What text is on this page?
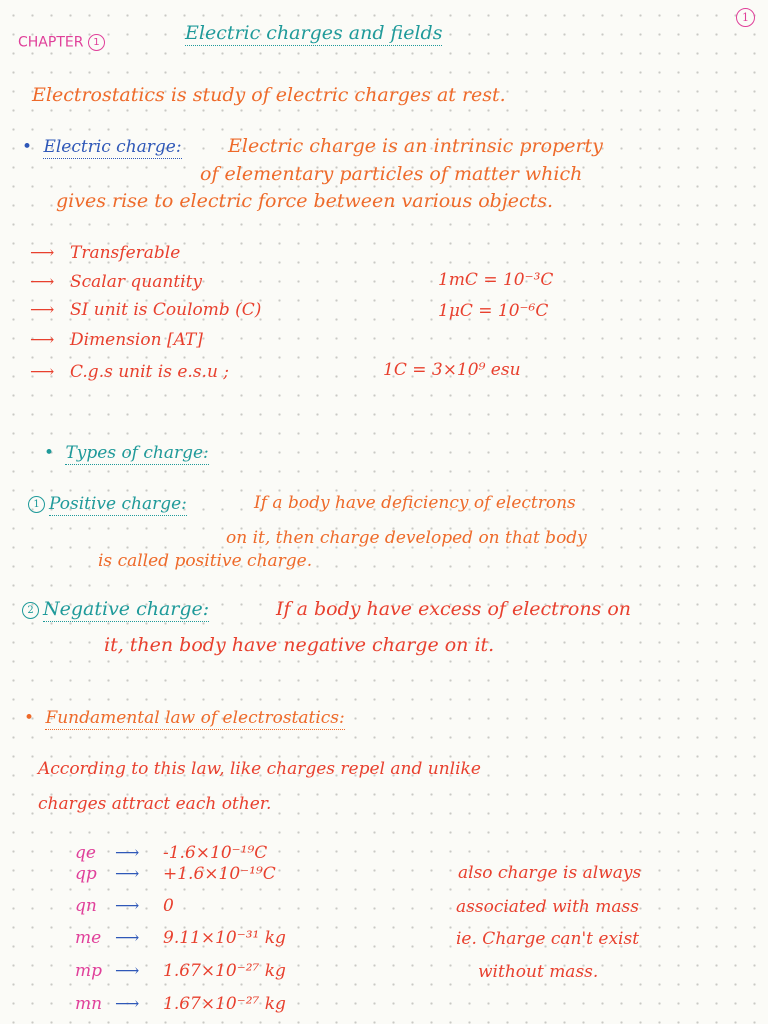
1
CHAPTER 1	Electric charges and fields
Electrostatics is study of electric charges at rest.
• Electric charge: Electric charge is an intrinsic property
of elementary particles of matter which
gives rise to electric force between various objects.
⟶ Transferable
⟶ Scalar quantity
⟶ SI unit is Coulomb (C)
⟶ Dimension [AT]
⟶ C.g.s unit is e.s.u ;
1mC = 10⁻³C
1μC = 10⁻⁶C
1C = 3×10⁹ esu
• Types of charge:
1 Positive charge:	If a body have deficiency of electrons
on it, then charge developed on that body
is called positive charge.
2 Negative charge:	If a body have excess of electrons on
it, then body have negative charge on it.
• Fundamental law of electrostatics:
According to this law, like charges repel and unlike
charges attract each other.
qe ⟶ -1.6×10⁻¹⁹C
qp ⟶ +1.6×10⁻¹⁹C
qn ⟶ 0
me ⟶ 9.11×10⁻³¹ kg
mp ⟶ 1.67×10⁻²⁷ kg
mn ⟶ 1.67×10⁻²⁷ kg
also charge is always
associated with mass
ie. Charge can't exist
without mass.
